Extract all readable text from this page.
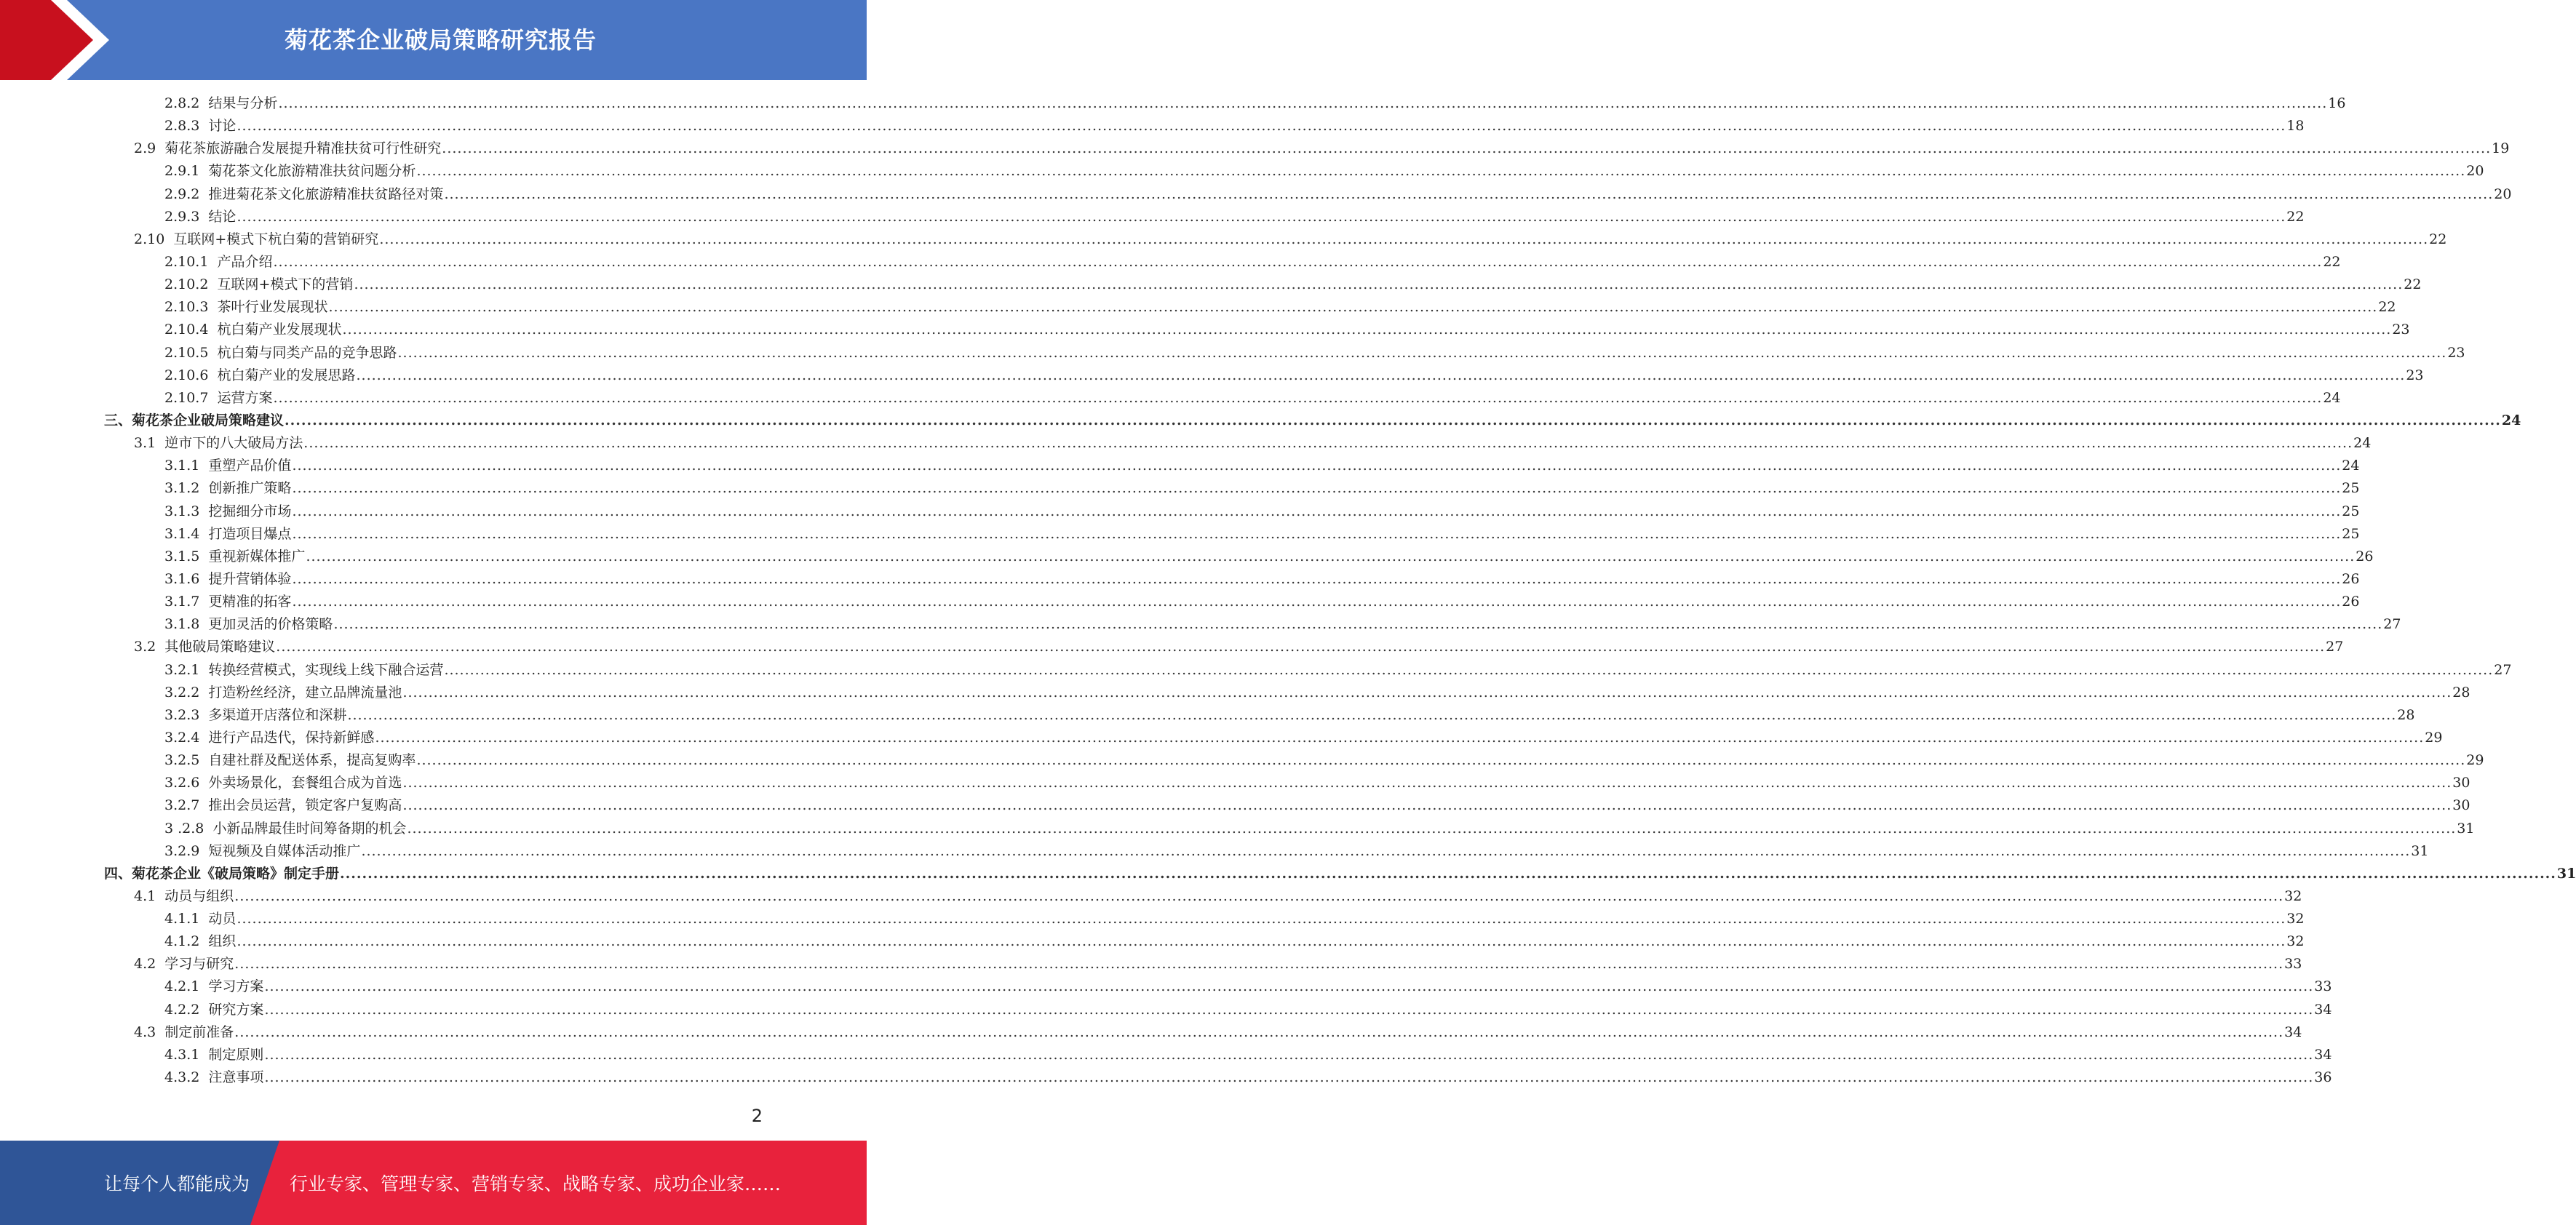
菊花茶企业破局策略研究报告
2.8.2  结果与分析 ................................................................................................................................................................................................................................................................................................................................................................................................................ 16
2.8.3  讨论 ................................................................................................................................................................................................................................................................................................................................................................................................................ 18
2.9  菊花茶旅游融合发展提升精准扶贫可行性研究 ................................................................................................................................................................................................................................................................................................................................................................................................................ 19
2.9.1  菊花茶文化旅游精准扶贫问题分析 ................................................................................................................................................................................................................................................................................................................................................................................................................ 20
2.9.2  推进菊花茶文化旅游精准扶贫路径对策 ................................................................................................................................................................................................................................................................................................................................................................................................................ 20
2.9.3  结论 ................................................................................................................................................................................................................................................................................................................................................................................................................ 22
2.10  互联网+模式下杭白菊的营销研究 ................................................................................................................................................................................................................................................................................................................................................................................................................ 22
2.10.1  产品介绍 ................................................................................................................................................................................................................................................................................................................................................................................................................ 22
2.10.2  互联网+模式下的营销 ................................................................................................................................................................................................................................................................................................................................................................................................................ 22
2.10.3  茶叶行业发展现状 ................................................................................................................................................................................................................................................................................................................................................................................................................ 22
2.10.4  杭白菊产业发展现状 ................................................................................................................................................................................................................................................................................................................................................................................................................ 23
2.10.5  杭白菊与同类产品的竞争思路 ................................................................................................................................................................................................................................................................................................................................................................................................................ 23
2.10.6  杭白菊产业的发展思路 ................................................................................................................................................................................................................................................................................................................................................................................................................ 23
2.10.7  运营方案 ................................................................................................................................................................................................................................................................................................................................................................................................................ 24
三、菊花茶企业破局策略建议 ................................................................................................................................................................................................................................................................................................................................................................................................................ 24
3.1  逆市下的八大破局方法 ................................................................................................................................................................................................................................................................................................................................................................................................................ 24
3.1.1  重塑产品价值 ................................................................................................................................................................................................................................................................................................................................................................................................................ 24
3.1.2  创新推广策略 ................................................................................................................................................................................................................................................................................................................................................................................................................ 25
3.1.3  挖掘细分市场 ................................................................................................................................................................................................................................................................................................................................................................................................................ 25
3.1.4  打造项目爆点 ................................................................................................................................................................................................................................................................................................................................................................................................................ 25
3.1.5  重视新媒体推广 ................................................................................................................................................................................................................................................................................................................................................................................................................ 26
3.1.6  提升营销体验 ................................................................................................................................................................................................................................................................................................................................................................................................................ 26
3.1.7  更精准的拓客 ................................................................................................................................................................................................................................................................................................................................................................................................................ 26
3.1.8  更加灵活的价格策略 ................................................................................................................................................................................................................................................................................................................................................................................................................ 27
3.2  其他破局策略建议 ................................................................................................................................................................................................................................................................................................................................................................................................................ 27
3.2.1  转换经营模式，实现线上线下融合运营 ................................................................................................................................................................................................................................................................................................................................................................................................................ 27
3.2.2  打造粉丝经济，建立品牌流量池 ................................................................................................................................................................................................................................................................................................................................................................................................................ 28
3.2.3  多渠道开店落位和深耕 ................................................................................................................................................................................................................................................................................................................................................................................................................ 28
3.2.4  进行产品迭代，保持新鲜感 ................................................................................................................................................................................................................................................................................................................................................................................................................ 29
3.2.5  自建社群及配送体系，提高复购率 ................................................................................................................................................................................................................................................................................................................................................................................................................ 29
3.2.6  外卖场景化，套餐组合成为首选 ................................................................................................................................................................................................................................................................................................................................................................................................................ 30
3.2.7  推出会员运营，锁定客户复购高 ................................................................................................................................................................................................................................................................................................................................................................................................................ 30
3 .2.8  小新品牌最佳时间筹备期的机会 ................................................................................................................................................................................................................................................................................................................................................................................................................ 31
3.2.9  短视频及自媒体活动推广 ................................................................................................................................................................................................................................................................................................................................................................................................................ 31
四、菊花茶企业《破局策略》制定手册 ................................................................................................................................................................................................................................................................................................................................................................................................................ 31
4.1  动员与组织 ................................................................................................................................................................................................................................................................................................................................................................................................................ 32
4.1.1  动员 ................................................................................................................................................................................................................................................................................................................................................................................................................ 32
4.1.2  组织 ................................................................................................................................................................................................................................................................................................................................................................................................................ 32
4.2  学习与研究 ................................................................................................................................................................................................................................................................................................................................................................................................................ 33
4.2.1  学习方案 ................................................................................................................................................................................................................................................................................................................................................................................................................ 33
4.2.2  研究方案 ................................................................................................................................................................................................................................................................................................................................................................................................................ 34
4.3  制定前准备 ................................................................................................................................................................................................................................................................................................................................................................................................................ 34
4.3.1  制定原则 ................................................................................................................................................................................................................................................................................................................................................................................................................ 34
4.3.2  注意事项 ................................................................................................................................................................................................................................................................................................................................................................................................................ 36
2
让每个人都能成为 行业专家、管理专家、营销专家、战略专家、成功企业家……
